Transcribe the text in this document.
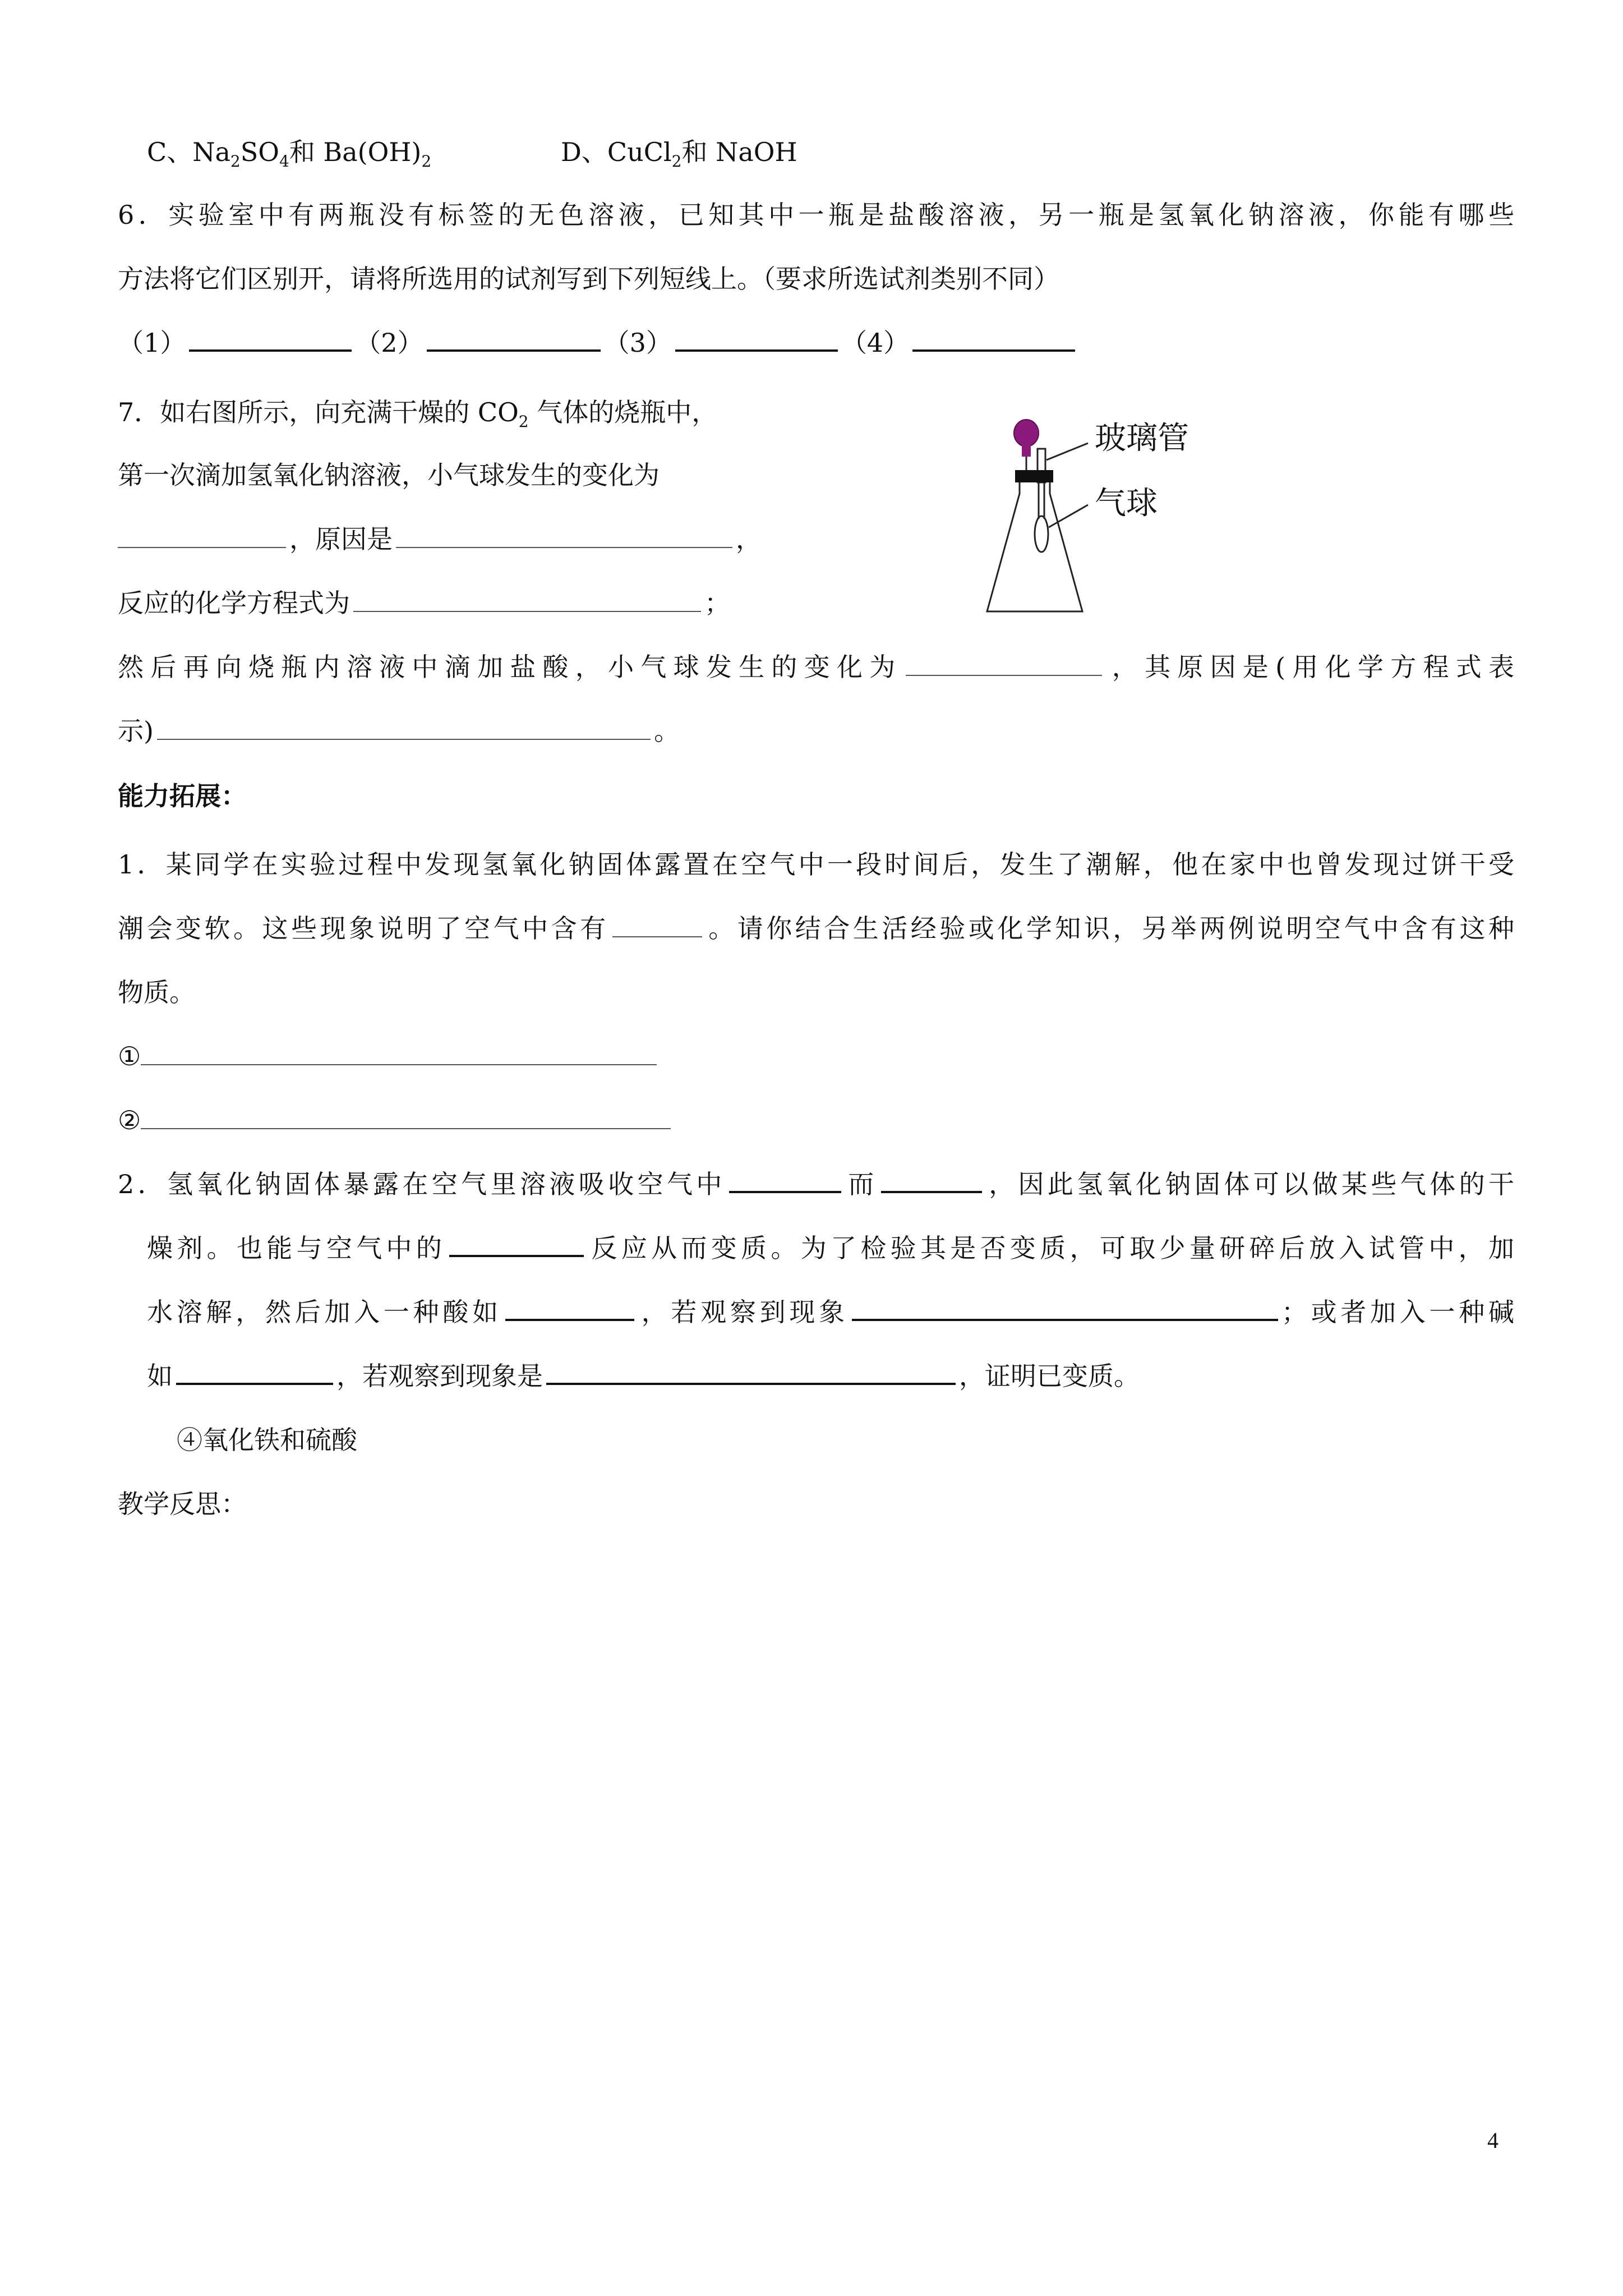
C、$Na_2SO_4$和 $Ba(OH)_2$	D、CuCl$_2$和 NaOH
6．实验室中有两瓶没有标签的无色溶液，已知其中一瓶是盐酸溶液，另一瓶是氢氧化钠溶液，你能有哪些
方法将它们区别开，请将所选用的试剂写到下列短线上。（要求所选试剂类别不同）
（1）	（2）	（3）	（4）
7．如右图所示，向充满干燥的 $CO_2$ 气体的烧瓶中，
第一次滴加氢氧化钠溶液，小气球发生的变化为
，原因是	，
反应的化学方程式为	；
然后再向烧瓶内溶液中滴加盐酸，小气球发生的变化为	，其原因是(用化学方程式表
示)	。
玻璃管
气球
能力拓展：
1．某同学在实验过程中发现氢氧化钠固体露置在空气中一段时间后，发生了潮解，他在家中也曾发现过饼干受
潮会变软。这些现象说明了空气中含有	。请你结合生活经验或化学知识，另举两例说明空气中含有这种
物质。
①
②
2．氢氧化钠固体暴露在空气里溶液吸收空气中	而	，因此氢氧化钠固体可以做某些气体的干
燥剂。也能与空气中的	反应从而变质。为了检验其是否变质，可取少量研碎后放入试管中，加
水溶解，然后加入一种酸如	，若观察到现象	；或者加入一种碱
如	，若观察到现象是	，证明已变质。
④氧化铁和硫酸
教学反思：
4
